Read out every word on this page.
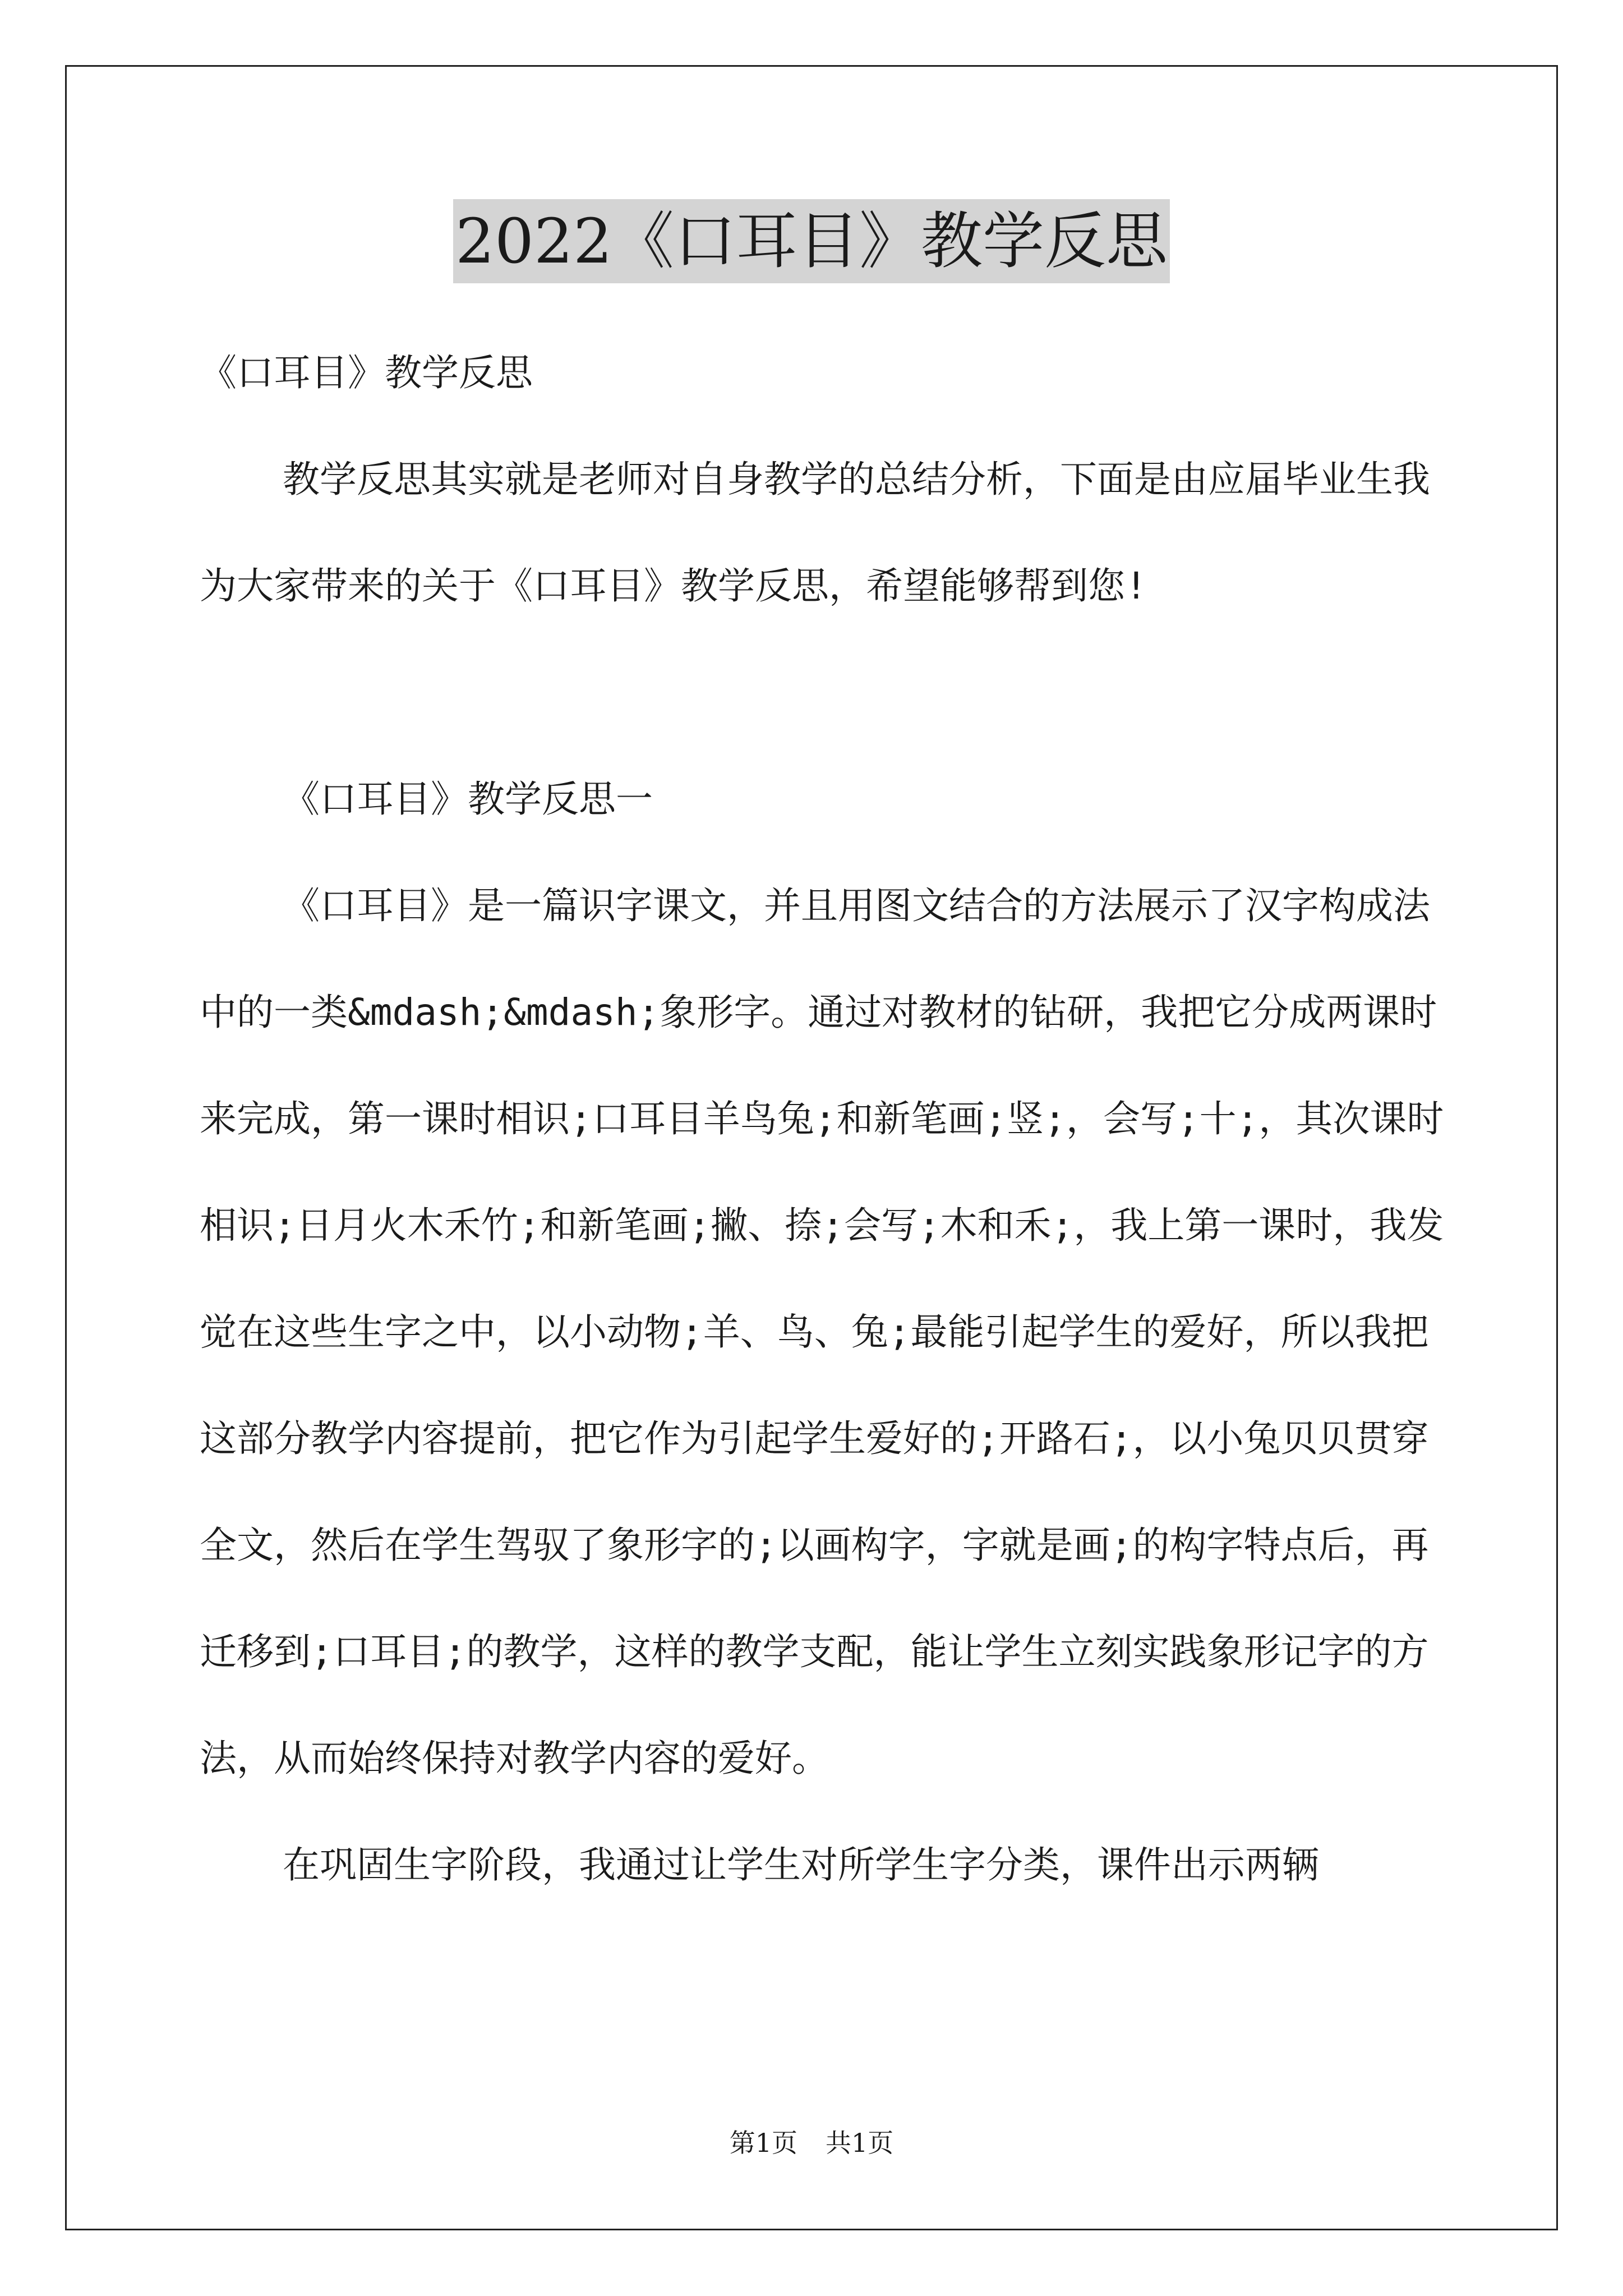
2022《口耳目》教学反思

《口耳目》教学反思

教学反思其实就是老师对自身教学的总结分析，下面是由应届毕业生我为大家带来的关于《口耳目》教学反思，希望能够帮到您!

《口耳目》教学反思一

《口耳目》是一篇识字课文，并且用图文结合的方法展示了汉字构成法中的一类&mdash;&mdash;象形字。通过对教材的钻研，我把它分成两课时来完成，第一课时相识;口耳目羊鸟兔;和新笔画;竖;，会写;十;，其次课时相识;日月火木禾竹;和新笔画;撇、捺;会写;木和禾;，我上第一课时，我发觉在这些生字之中，以小动物;羊、鸟、兔;最能引起学生的爱好，所以我把这部分教学内容提前，把它作为引起学生爱好的;开路石;，以小兔贝贝贯穿全文，然后在学生驾驭了象形字的;以画构字，字就是画;的构字特点后，再迁移到;口耳目;的教学，这样的教学支配，能让学生立刻实践象形记字的方法，从而始终保持对教学内容的爱好。

在巩固生字阶段，我通过让学生对所学生字分类，课件出示两辆

第1页 共1页
